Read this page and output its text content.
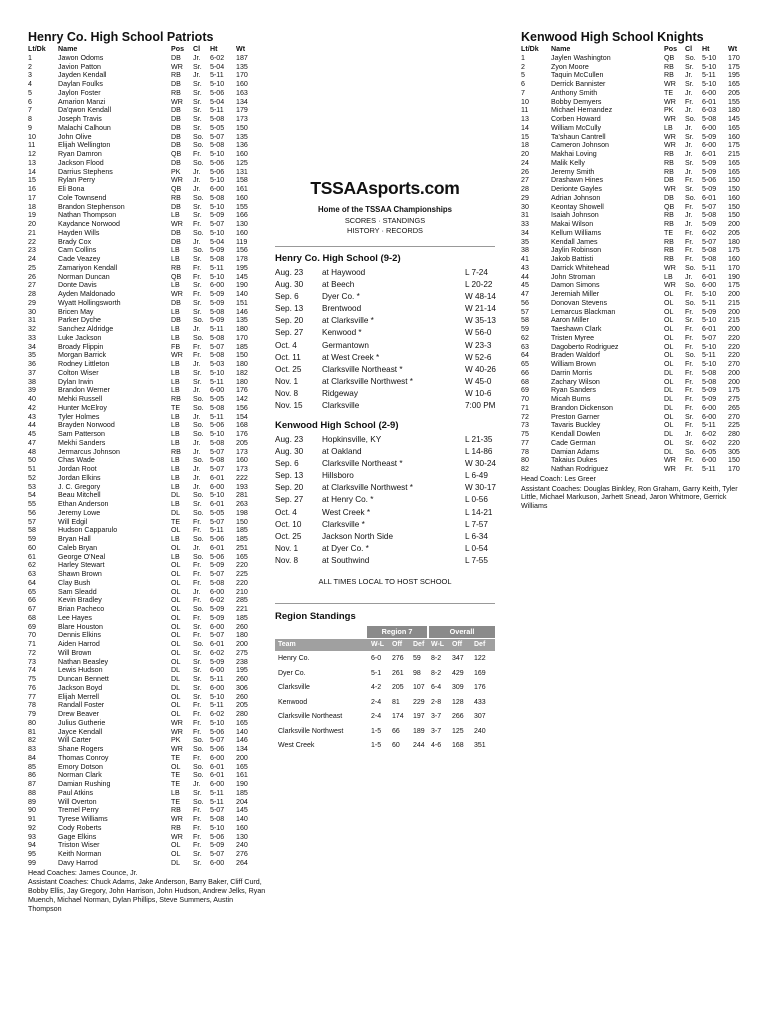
Henry Co. High School Patriots
Lt/Dk Name	Pos Cl Ht	Wt
1	Jawon Odoms	DB Jr. 6-02 187
2	Javion Patton	WR Sr. 5-04 135
3	Jayden Kendall	RB Jr. 5-11 170
4	Daylan Foulks	DB Sr. 5-10 160
5	Jaylon Foster	RB Sr. 5-06 163
6	Amarion Manzi	WR Sr. 5-04 134
7	Da'qwon Kendall	DB Sr. 5-11 179
8	Joseph Travis	DB Sr. 5-08 173
9	Malachi Calhoun	DB Sr. 5-05 150
10	John Olive	DB So. 5-07 135
11	Elijah Wellington	DB So. 5-08 136
12	Ryan Damron	QB Fr. 5-10 160
13	Jackson Flood	DB So. 5-06 125
14	Darrius Stephens	PK Jr. 5-06 131
15	Rylan Perry	WR Jr. 5-10 158
16	Eli Bona	QB Jr. 6-00 161
17	Cole Townsend	RB So. 5-08 160
18	Brandon Stephenson	DB Sr. 5-10 155
19	Nathan Thompson	LB Sr. 5-09 166
20	Kaydance Norwood	WR Fr. 5-07 130
21	Hayden Wills	DB So. 5-10 160
22	Brady Cox	DB Jr. 5-04 119
23	Cam Collins	LB So. 5-09 156
24	Cade Veazey	LB Sr. 5-08 178
25	Zamariyon Kendall	RB Fr. 5-11 195
26	Norman Duncan	QB Fr. 5-10 145
27	Donte Davis	LB Sr. 6-00 190
28	Ayden Maldonado	WR Fr. 5-09 140
29	Wyatt Hollingsworth	DB Sr. 5-09 151
30	Bricen May	LB Sr. 5-08 146
31	Parker Dyche	DB So. 5-09 135
32	Sanchez Aldridge	LB Jr. 5-11 180
33	Luke Jackson	LB So. 5-08 170
34	Broady Flippin	FB Fr. 5-07 185
35	Morgan Barrick	WR Fr. 5-08 150
36	Rodney Littleton	LB Jr. 5-03 180
37	Colton Wiser	LB Sr. 5-10 182
38	Dylan Irwin	LB Sr. 5-11 180
39	Brandon Werner	LB Jr. 6-00 176
40	Mehki Russell	RB So. 5-05 142
42	Hunter McElroy	TE So. 5-08 156
43	Tyler Holmes	LB Jr. 5-11 154
44	Brayden Norwood	LB So. 5-06 168
45	Sam Patterson	LB So. 5-10 176
47	Mekhi Sanders	LB Jr. 5-08 205
48	Jermarcus Johnson	RB Jr. 5-07 173
50	Chas Wade	LB So. 5-08 160
51	Jordan Root	LB Jr. 5-07 173
52	Jordan Elkins	LB Jr. 6-01 222
53	J. C. Gregory	LB Jr. 6-00 193
54	Beau Mitchell	DL So. 5-10 281
55	Ethan Anderson	LB Sr. 6-01 263
56	Jeremy Lowe	DL So. 5-05 198
57	Will Edgil	TE Fr. 5-07 150
58	Hudson Capparulo	OL Fr. 5-11 185
59	Bryan Hall	LB So. 5-06 185
60	Caleb Bryan	OL Jr. 6-01 251
61	George O'Neal	LB So. 5-06 165
62	Harley Stewart	OL Fr. 5-09 220
63	Shawn Brown	OL Fr. 5-07 225
64	Clay Bush	OL Fr. 5-08 220
65	Sam Sleadd	OL Jr. 6-00 210
66	Kevin Bradley	OL Fr. 6-02 285
67	Brian Pacheco	OL So. 5-09 221
68	Lee Hayes	OL Fr. 5-09 185
69	Blare Houston	OL Sr. 6-00 260
70	Dennis Elkins	OL Fr. 5-07 180
71	Aiden Harrod	OL So. 6-01 200
72	Will Brown	OL Sr. 6-02 275
73	Nathan Beasley	OL Sr. 5-09 238
74	Lewis Hudson	DL Sr. 6-00 195
75	Duncan Bennett	DL Sr. 5-11 260
76	Jackson Boyd	DL Sr. 6-00 306
77	Elijah Merrell	OL Sr. 5-10 260
78	Randall Foster	OL Fr. 5-11 205
79	Drew Beaver	OL Fr. 6-02 280
80	Julius Gutherie	WR Fr. 5-10 165
81	Jayce Kendall	WR Fr. 5-06 140
82	Will Carter	PK So. 5-07 146
83	Shane Rogers	WR So. 5-06 134
84	Thomas Conroy	TE Fr. 6-00 200
85	Emory Dotson	OL So. 6-01 165
86	Norman Clark	TE So. 6-01 161
87	Damian Rushing	TE Jr. 6-00 190
88	Paul Atkins	LB Sr. 5-11 185
89	Will Overton	TE So. 5-11 204
90	Tremel Perry	RB Fr. 5-07 145
91	Tyrese Williams	WR Fr. 5-08 140
92	Cody Roberts	RB Fr. 5-10 160
93	Gage Elkins	WR Fr. 5-06 130
94	Triston Wiser	OL Fr. 5-09 240
95	Keith Norman	OL Sr. 5-07 276
99	Davy Harrod	DL Sr. 6-00 264
Head Coaches: James Counce, Jr.
Assistant Coaches: Chuck Adams, Jake Anderson, Barry Baker, Cliff Curd, Bobby Ellis, Jay Gregory, John Harrison, John Hudson, Andrew Jelks, Ryan Muench, Michael Norman, Dylan Phillips, Steve Summers, Austin Thompson
Kenwood High School Knights
Lt/Dk Name	Pos Cl Ht	Wt
1	Jaylen Washington	QB So. 5-10 170
2	Zyon Moore	RB Sr. 5-10 175
5	Taquin McCullen	RB Jr. 5-11 195
6	Derrick Bannister	WR Sr. 5-10 165
7	Anthony Smith	TE Jr. 6-00 205
10	Bobby Demyers	WR Fr. 6-01 155
11	Michael Hernandez	PK Jr. 6-03 180
13	Corben Howard	WR So. 5-08 145
14	William McCully	LB Jr. 6-00 165
15	Ta'shaun Cantrell	WR Sr. 5-09 160
18	Cameron Johnson	WR Jr. 6-00 175
20	Makhai Loving	RB Jr. 6-01 215
24	Malik Kelly	RB Sr. 5-09 165
26	Jeremy Smith	RB Jr. 5-09 165
27	Drashawn Hines	DB Fr. 5-06 150
28	Derionte Gayles	WR Sr. 5-09 150
29	Adrian Johnson	DB So. 6-01 160
30	Keontay Showell	QB Fr. 5-07 150
31	Isaiah Johnson	RB Jr. 5-08 150
33	Makai Wilson	RB Jr. 5-09 200
34	Kellum Williams	TE Fr. 6-02 205
35	Kendall James	RB Fr. 5-07 180
38	Jaylin Robinson	RB Fr. 5-08 175
41	Jakob Battisti	RB Fr. 5-08 160
43	Darrick Whitehead	WR So. 5-11 170
44	John Stroman	LB Jr. 6-01 190
45	Damon Simons	WR So. 6-00 175
47	Jeremiah Miller	OL Fr. 5-10 200
56	Donovan Stevens	OL So. 5-11 215
57	Lemarcus Blackman	OL Fr. 5-09 200
58	Aaron Miller	OL Sr. 5-10 215
59	Taeshawn Clark	OL Fr. 6-01 200
62	Tristen Myree	OL Fr. 5-07 220
63	Dagoberto Rodriguez	OL Fr. 5-10 220
64	Braden Waldorf	OL So. 5-11 220
65	William Brown	OL Fr. 5-10 270
66	Darrin Morris	DL Fr. 5-08 200
68	Zachary Wilson	OL Fr. 5-08 200
69	Ryan Sanders	DL Fr. 5-09 175
70	Micah Burns	DL Fr. 5-09 275
71	Brandon Dickenson	DL Fr. 6-00 265
72	Preston Garner	OL Sr. 6-00 270
73	Tavaris Buckley	OL Fr. 5-11 225
75	Kendall Dowlen	DL Jr. 6-02 280
77	Cade German	OL Sr. 6-02 220
78	Damian Adams	DL So. 6-05 305
80	Takaius Dukes	WR Fr. 6-00 150
82	Nathan Rodriguez	WR Fr. 5-11 170
Head Coach: Les Greer
Assistant Coaches: Douglas Binkley, Ron Graham, Garry Keith, Tyler Little, Michael Markuson, Jarhett Snead, Jaron Whitmore, Gerrick Williams
TSSAAsports.com
Home of the TSSAA Championships
SCORES · STANDINGS
HISTORY · RECORDS
Henry Co. High School (9-2)
Aug. 23 at Haywood	L 7-24
Aug. 30 at Beech	L 20-22
Sep. 6	Dyer Co. *	W 48-14
Sep. 13 Brentwood	W 21-14
Sep. 20 at Clarksville *	W 35-13
Sep. 27 Kenwood *	W 56-0
Oct. 4	Germantown	W 23-3
Oct. 11	at West Creek *	W 52-6
Oct. 25	Clarksville Northeast *	W 40-26
Nov. 1	at Clarksville Northwest *	W 45-0
Nov. 8	Ridgeway	W 10-6
Nov. 15 Clarksville	7:00 PM
Kenwood High School (2-9)
Aug. 23 Hopkinsville, KY	L 21-35
Aug. 30 at Oakland	L 14-86
Sep. 6	Clarksville Northeast *	W 30-24
Sep. 13 Hillsboro	L 6-49
Sep. 20 at Clarksville Northwest *	W 30-17
Sep. 27 at Henry Co. *	L 0-56
Oct. 4	West Creek *	L 14-21
Oct. 10	Clarksville *	L 7-57
Oct. 25	Jackson North Side	L 6-34
Nov. 1	at Dyer Co. *	L 0-54
Nov. 8	at Southwind	L 7-55
ALL TIMES LOCAL TO HOST SCHOOL
Region Standings
Region 7	Overall
Team	W-L Off Def W-L Off Def
Henry Co.	6-0 276 59 8-2 347 122
Dyer Co.	5-1 261 98 8-2 429 169
Clarksville	4-2 205 107 6-4 309 176
Kenwood	2-4 81 229 2-8 128 433
Clarksville Northeast	2-4 174 197 3-7 266 307
Clarksville Northwest	1-5 66 189 3-7 125 240
West Creek	1-5 60 244 4-6 168 351
